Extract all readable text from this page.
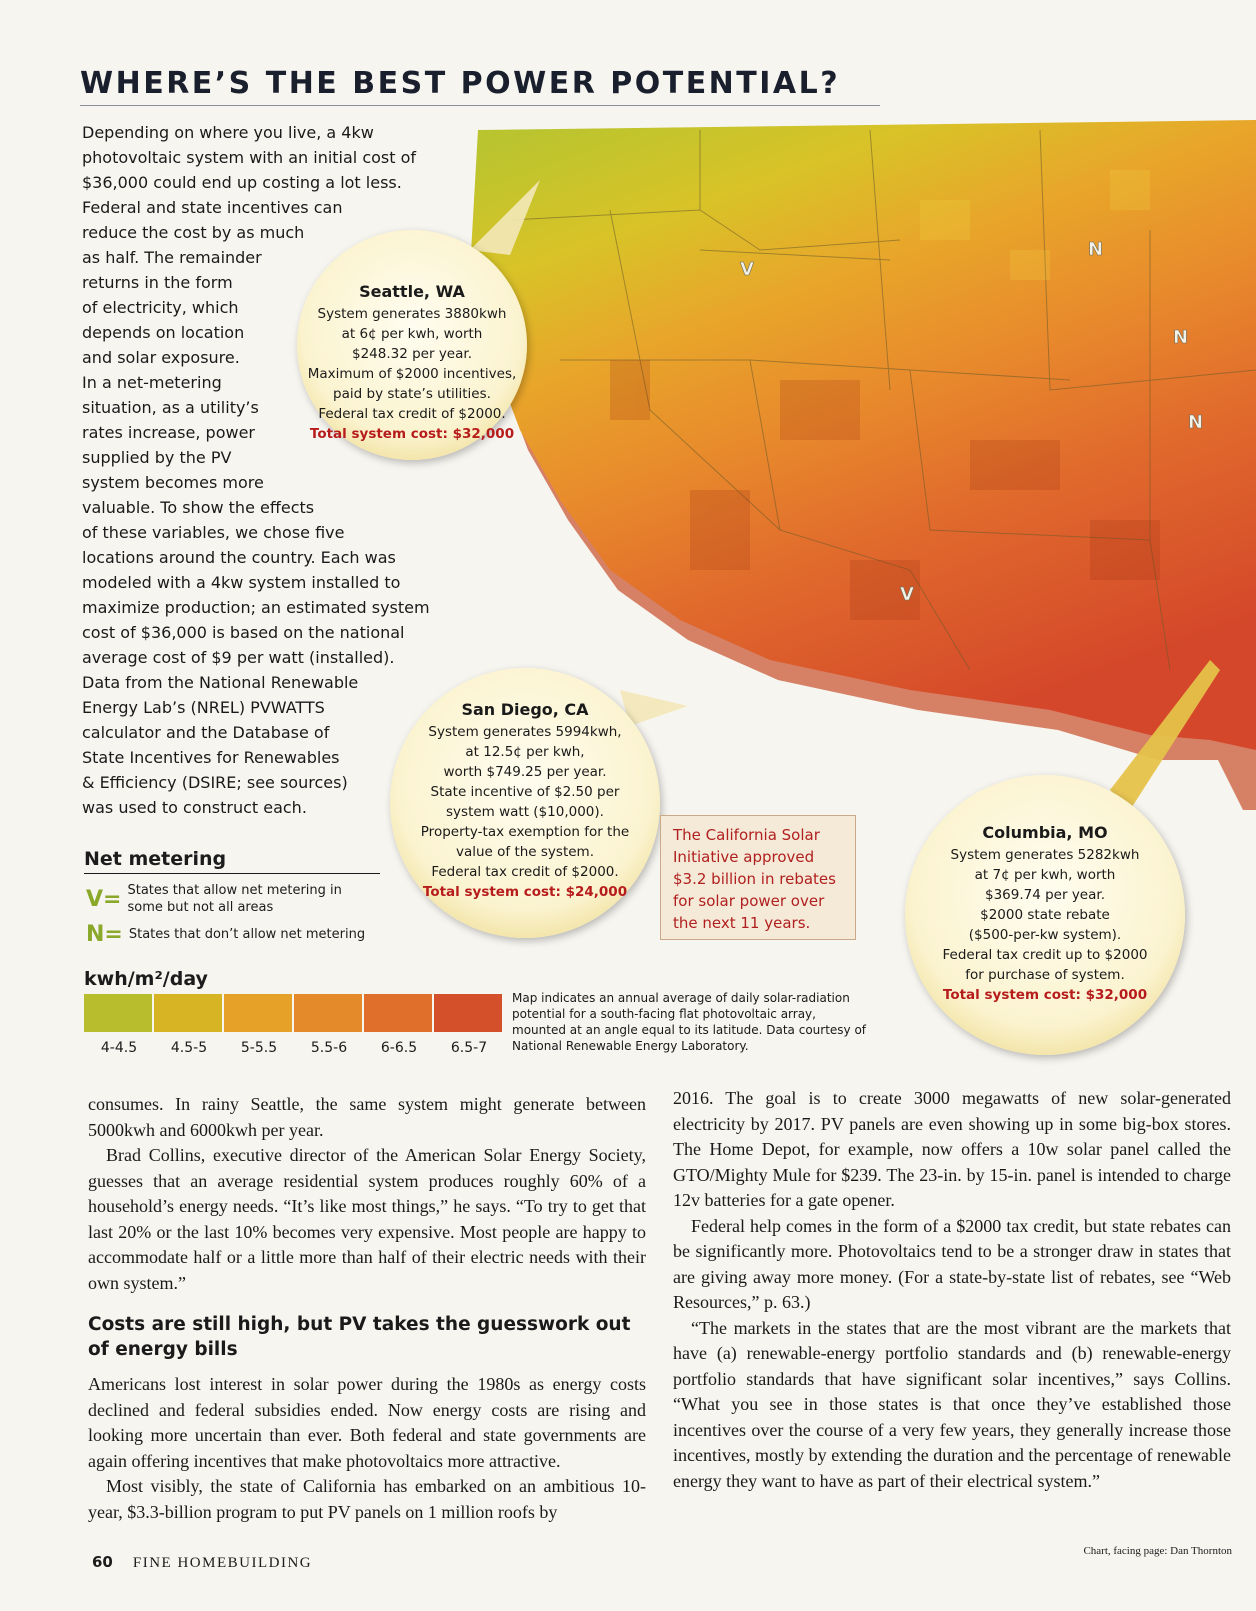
WHERE’S THE BEST POWER POTENTIAL?
V
V
N
N
N
Depending on where you live, a 4kw
photovoltaic system with an initial cost of
$36,000 could end up costing a lot less.
Federal and state incentives can
reduce the cost by as much
as half. The remainder
returns in the form
of electricity, which
depends on location
and solar exposure.
In a net-metering
situation, as a utility’s
rates increase, power
supplied by the PV
system becomes more
valuable. To show the effects
of these variables, we chose five
locations around the country. Each was
modeled with a 4kw system installed to
maximize production; an estimated system
cost of $36,000 is based on the national
average cost of $9 per watt (installed).
Data from the National Renewable
Energy Lab’s (NREL) PVWATTS
calculator and the Database of
State Incentives for Renewables
& Efficiency (DSIRE; see sources)
was used to construct each.
Seattle, WA
System generates 3880kwh
at 6¢ per kwh, worth
$248.32 per year.
Maximum of $2000 incentives,
paid by state’s utilities.
Federal tax credit of $2000.
Total system cost: $32,000
San Diego, CA
System generates 5994kwh,
at 12.5¢ per kwh,
worth $749.25 per year.
State incentive of $2.50 per
system watt ($10,000).
Property-tax exemption for the
value of the system.
Federal tax credit of $2000.
Total system cost: $24,000
Columbia, MO
System generates 5282kwh
at 7¢ per kwh, worth
$369.74 per year.
$2000 state rebate
($500-per-kw system).
Federal tax credit up to $2000
for purchase of system.
Total system cost: $32,000
The California Solar Initiative approved $3.2 billion in rebates for solar power over the next 11 years.
Net metering
V= States that allow net metering in
some but not all areas
N= States that don’t allow net metering
kwh/m²/day
4-4.5	4.5-5	5-5.5	5.5-6	6-6.5	6.5-7
Map indicates an annual average of daily solar-radiation potential for a south-facing flat photovoltaic array, mounted at an angle equal to its latitude. Data courtesy of National Renewable Energy Laboratory.

consumes. In rainy Seattle, the same system might generate between 5000kwh and 6000kwh per year.

Brad Collins, executive director of the American Solar Energy Society, guesses that an average residential system produces roughly 60% of a household’s energy needs. “It’s like most things,” he says. “To try to get that last 20% or the last 10% becomes very expensive. Most people are happy to accommodate half or a little more than half of their electric needs with their own system.”

Costs are still high, but PV takes the guesswork out of energy bills

Americans lost interest in solar power during the 1980s as energy costs declined and federal subsidies ended. Now energy costs are rising and looking more uncertain than ever. Both federal and state governments are again offering incentives that make photovoltaics more attractive.

Most visibly, the state of California has embarked on an ambitious 10-year, $3.3-billion program to put PV panels on 1 million roofs by

2016. The goal is to create 3000 megawatts of new solar-generated electricity by 2017. PV panels are even showing up in some big-box stores. The Home Depot, for example, now offers a 10w solar panel called the GTO/Mighty Mule for $239. The 23-in. by 15-in. panel is intended to charge 12v batteries for a gate opener.

Federal help comes in the form of a $2000 tax credit, but state rebates can be significantly more. Photovoltaics tend to be a stronger draw in states that are giving away more money. (For a state-by-state list of rebates, see “Web Resources,” p. 63.)

“The markets in the states that are the most vibrant are the markets that have (a) renewable-energy portfolio standards and (b) renewable-energy portfolio standards that have significant solar incentives,” says Collins. “What you see in those states is that once they’ve established those incentives over the course of a very few years, they generally increase those incentives, mostly by extending the duration and the percentage of renewable energy they want to have as part of their electrical system.”

60 FINE HOMEBUILDING
Chart, facing page: Dan Thornton
